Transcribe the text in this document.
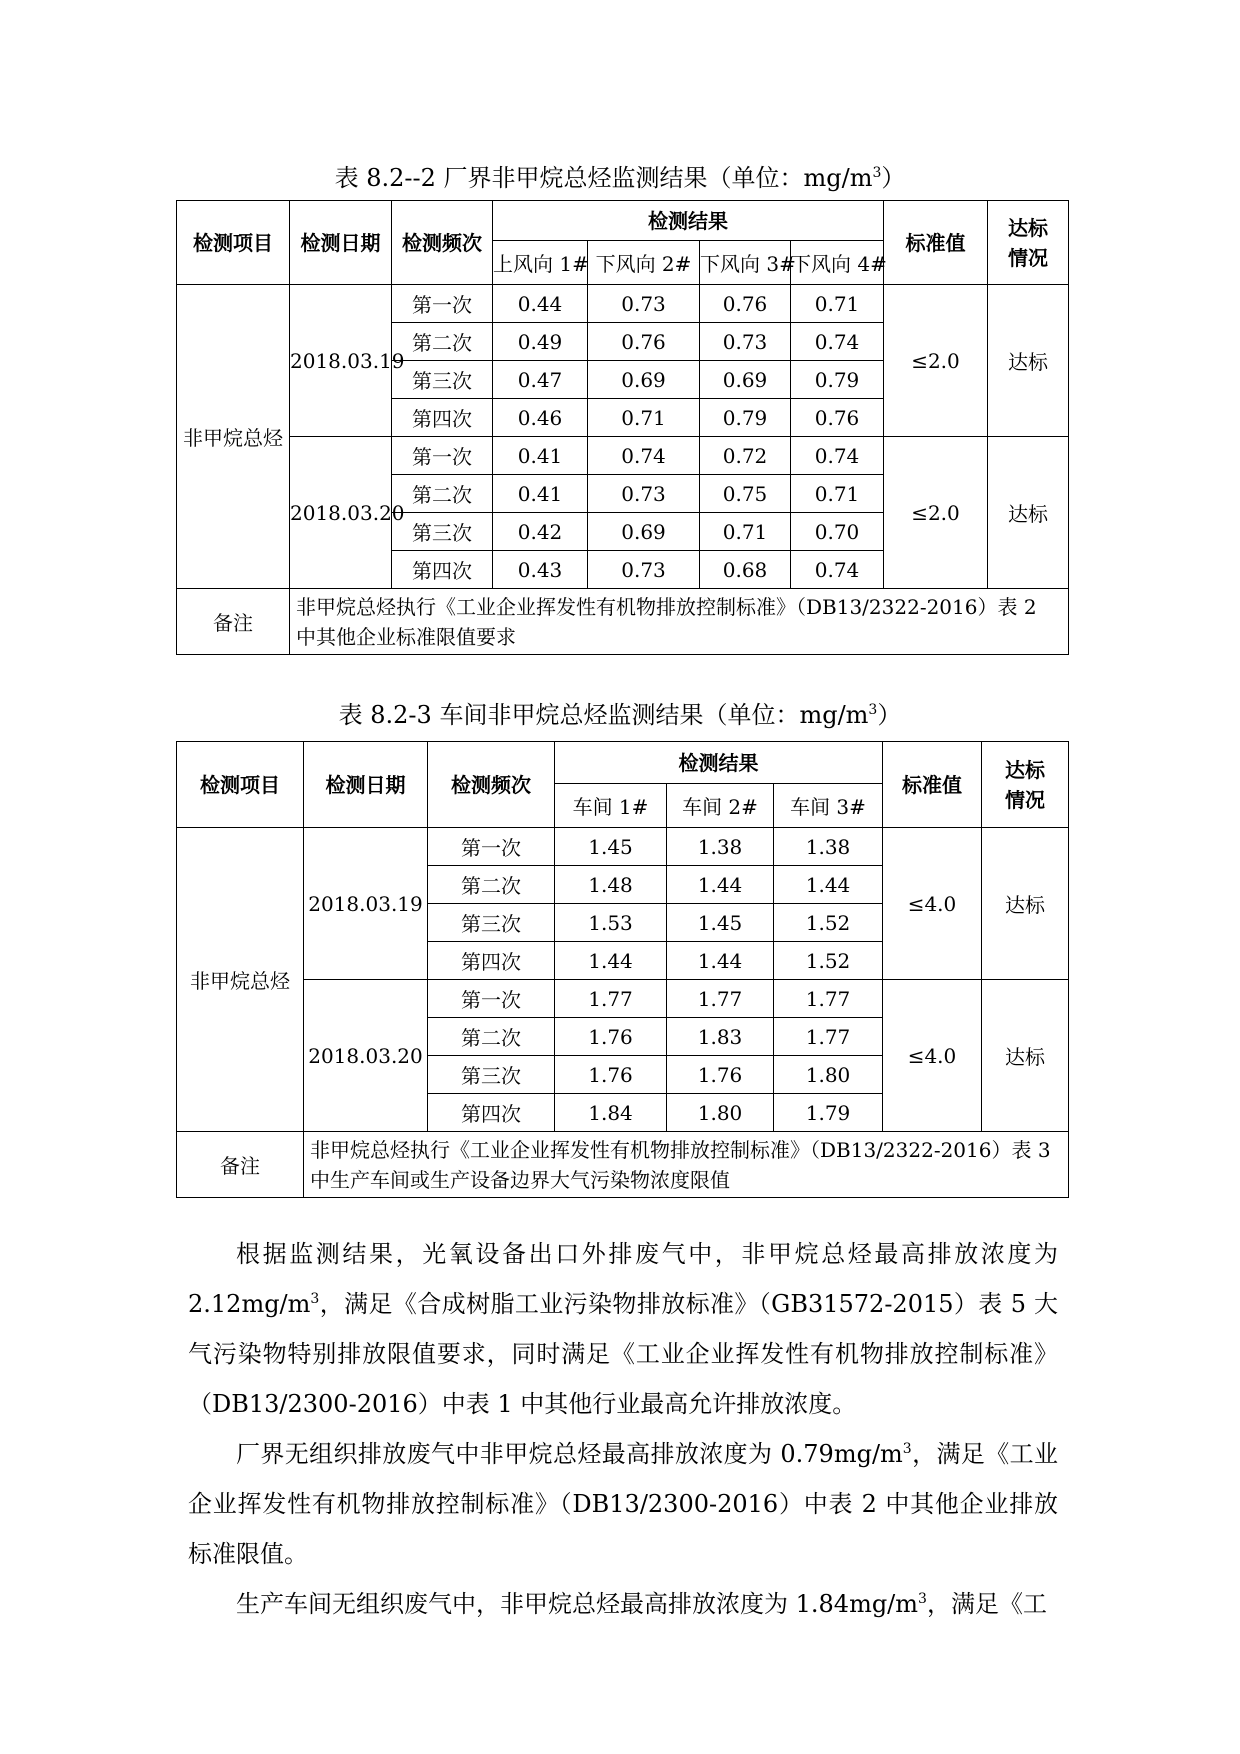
表 8.2--2 厂界非甲烷总烃监测结果（单位：$mg/m^3$）
检测项目	检测日期	检测频次	检测结果				标准值	达标
情况

			上风向 1#	下风向 2#	下风向 3#	下风向 4#		
非甲烷总烃	2018.03.19	第一次	0.44	0.73	0.76	0.71	≤2.0	达标
		第二次	0.49	0.76	0.73	0.74		
		第三次	0.47	0.69	0.69	0.79		
		第四次	0.46	0.71	0.79	0.76		
	2018.03.20	第一次	0.41	0.74	0.72	0.74	≤2.0	达标
		第二次	0.41	0.73	0.75	0.71		
		第三次	0.42	0.69	0.71	0.70		
		第四次	0.43	0.73	0.68	0.74		
备注	非甲烷总烃执行《工业企业挥发性有机物排放控制标准》（DB13/2322-2016）表 2 中其他企业标准限值要求							
表 8.2-3 车间非甲烷总烃监测结果（单位：$mg/m^3$）
检测项目	检测日期	检测频次	检测结果			标准值	达标
情况

			车间 1#	车间 2#	车间 3#		
非甲烷总烃	2018.03.19	第一次	1.45	1.38	1.38	≤4.0	达标
		第二次	1.48	1.44	1.44		
		第三次	1.53	1.45	1.52		
		第四次	1.44	1.44	1.52		
	2018.03.20	第一次	1.77	1.77	1.77	≤4.0	达标
		第二次	1.76	1.83	1.77		
		第三次	1.76	1.76	1.80		
		第四次	1.84	1.80	1.79		
备注	非甲烷总烃执行《工业企业挥发性有机物排放控制标准》（DB13/2322-2016）表 3 中生产车间或生产设备边界大气污染物浓度限值						

根据监测结果，光氧设备出口外排废气中，非甲烷总烃最高排放浓度为 $2.12mg/m^3$，满足《合成树脂工业污染物排放标准》（GB31572-2015）表 5 大气污染物特别排放限值要求，同时满足《工业企业挥发性有机物排放控制标准》（DB13/2300-2016）中表 1 中其他行业最高允许排放浓度。

厂界无组织排放废气中非甲烷总烃最高排放浓度为 $0.79mg/m^3$，满足《工业企业挥发性有机物排放控制标准》（DB13/2300-2016）中表 2 中其他企业排放标准限值。

生产车间无组织废气中，非甲烷总烃最高排放浓度为 $1.84mg/m^3$，满足《工
